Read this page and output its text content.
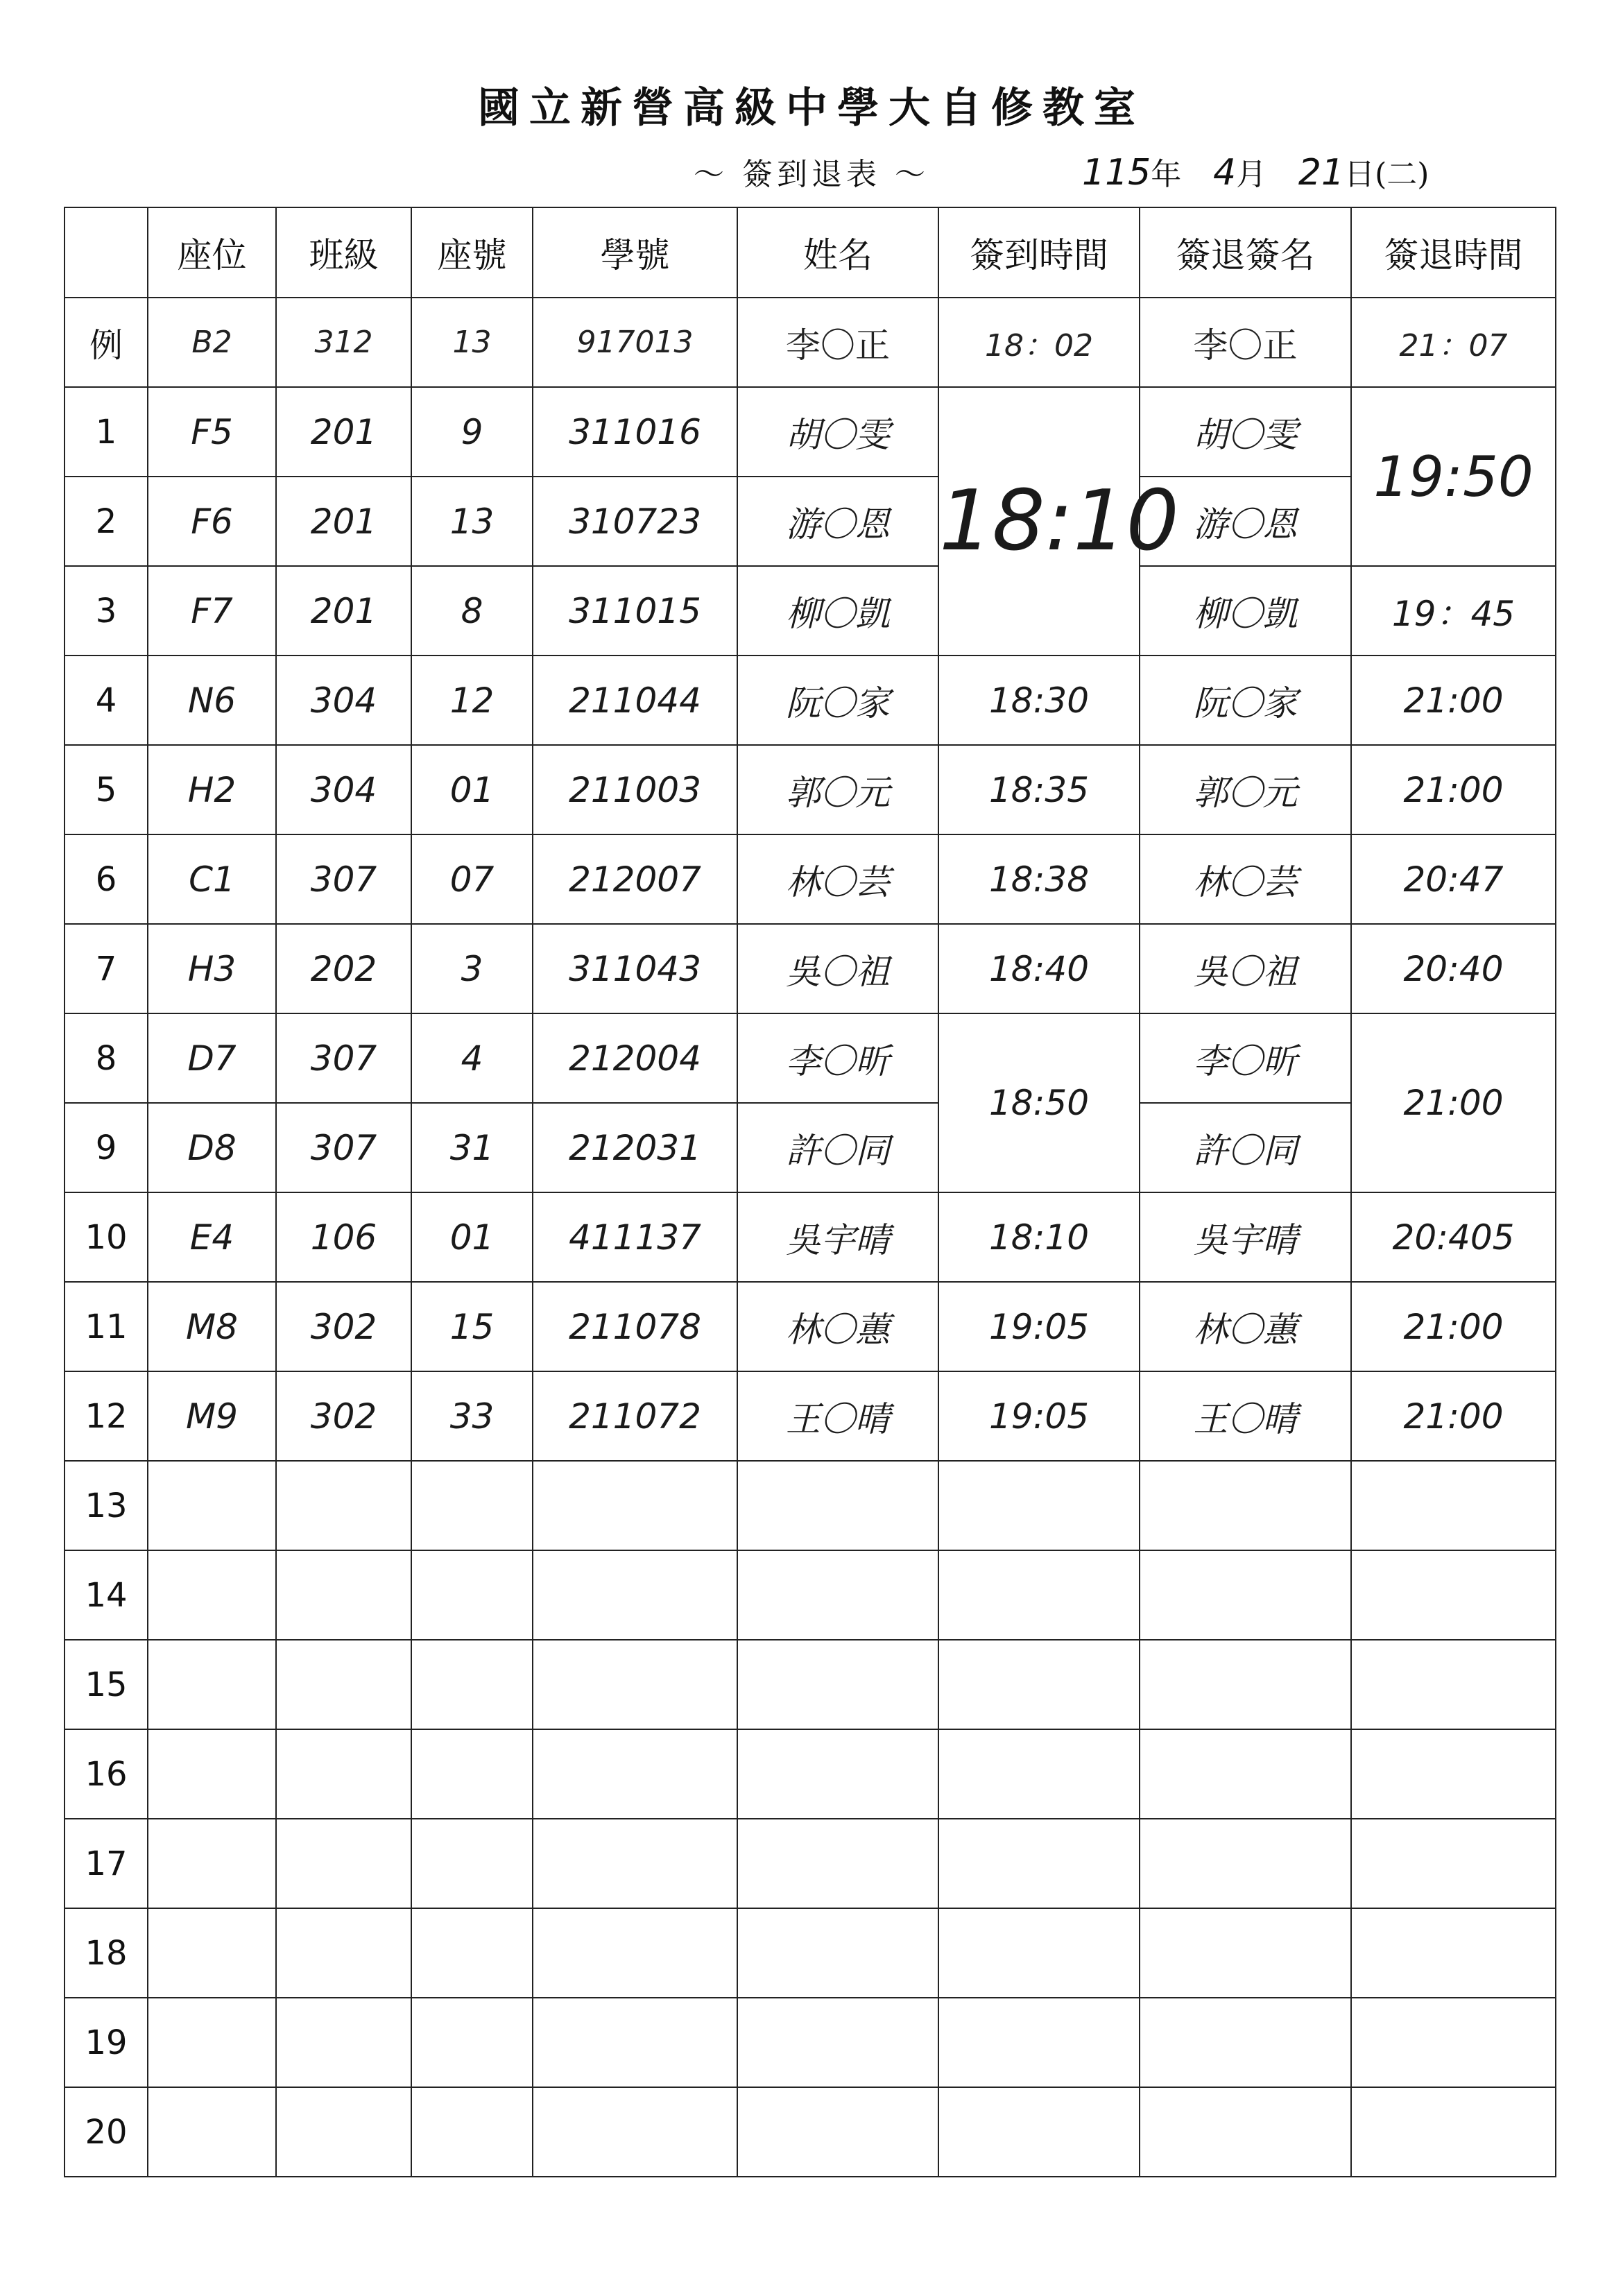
國立新營高級中學大自修教室
～ 簽到退表 ～	115年 4月 21日(二)
	座位	班級	座號	學號	姓名	簽到時間	簽退簽名	簽退時間
例	B2	312	13	917013	李〇正	18：02	李〇正	21：07
1	F5	201	9	311016	胡〇雯	18:10	胡〇雯	19:50
2	F6	201	13	310723	游〇恩		游〇恩	
3	F7	201	8	311015	柳〇凱		柳〇凱	19：45
4	N6	304	12	211044	阮〇家	18:30	阮〇家	21:00
5	H2	304	01	211003	郭〇元	18:35	郭〇元	21:00
6	C1	307	07	212007	林〇芸	18:38	林〇芸	20:47
7	H3	202	3	311043	吳〇祖	18:40	吳〇祖	20:40
8	D7	307	4	212004	李〇昕	18:50	李〇昕	21:00
9	D8	307	31	212031	許〇同		許〇同	
10	E4	106	01	411137	吳宇晴	18:10	吳宇晴	20:405
11	M8	302	15	211078	林〇蕙	19:05	林〇蕙	21:00
12	M9	302	33	211072	王〇晴	19:05	王〇晴	21:00
13								
14								
15								
16								
17								
18								
19								
20								
